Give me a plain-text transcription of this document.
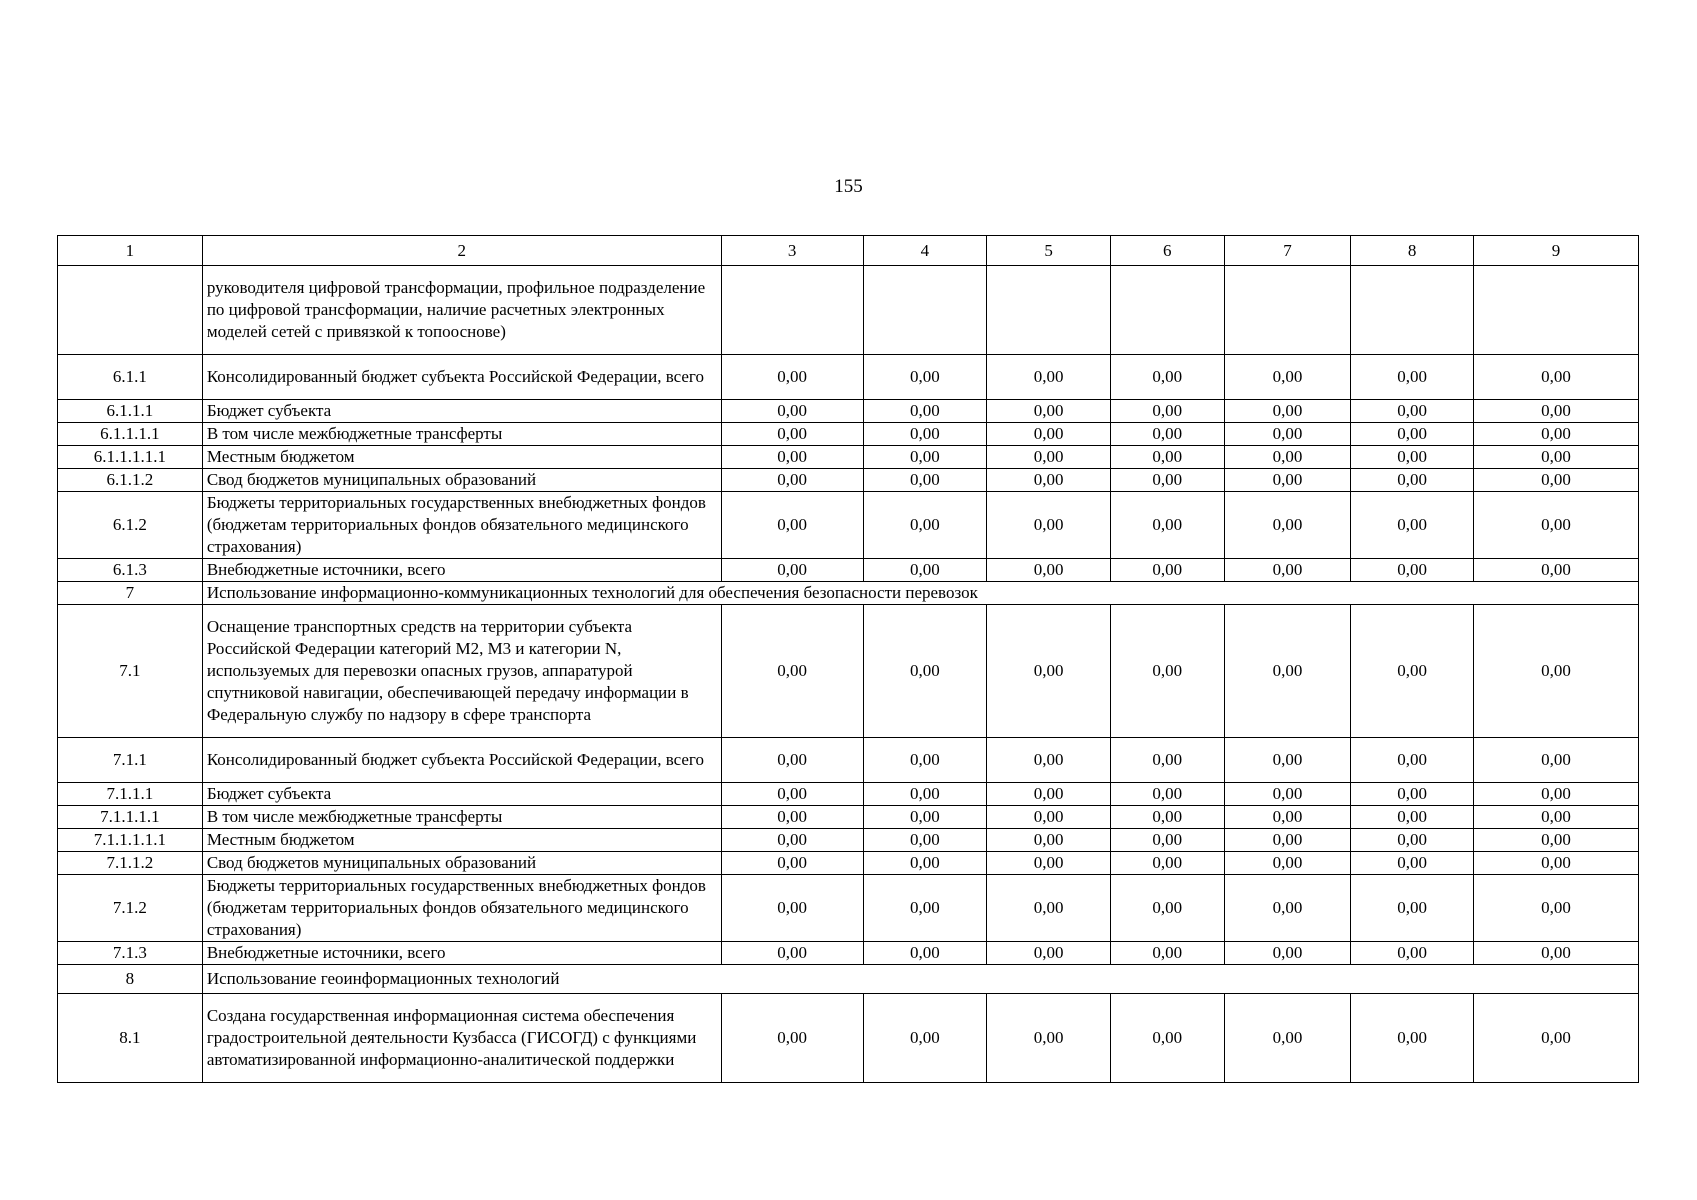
155
1	2	3	4	5	6	7	8	9
	руководителя цифровой трансформации, профильное подразделение по цифровой трансформации, наличие расчетных электронных моделей сетей с привязкой к топооснове)							
6.1.1	Консолидированный бюджет субъекта Российской Федерации, всего	0,00	0,00	0,00	0,00	0,00	0,00	0,00
6.1.1.1	Бюджет субъекта	0,00	0,00	0,00	0,00	0,00	0,00	0,00
6.1.1.1.1	В том числе межбюджетные трансферты	0,00	0,00	0,00	0,00	0,00	0,00	0,00
6.1.1.1.1.1	Местным бюджетом	0,00	0,00	0,00	0,00	0,00	0,00	0,00
6.1.1.2	Свод бюджетов муниципальных образований	0,00	0,00	0,00	0,00	0,00	0,00	0,00
6.1.2	Бюджеты территориальных государственных внебюджетных фондов (бюджетам территориальных фондов обязательного медицинского страхования)	0,00	0,00	0,00	0,00	0,00	0,00	0,00
6.1.3	Внебюджетные источники, всего	0,00	0,00	0,00	0,00	0,00	0,00	0,00
7	Использование информационно-коммуникационных технологий для обеспечения безопасности перевозок							
7.1	Оснащение транспортных средств на территории субъекта Российской Федерации категорий M2, M3 и категории N, используемых для перевозки опасных грузов, аппаратурой спутниковой навигации, обеспечивающей передачу информации в Федеральную службу по надзору в сфере транспорта	0,00	0,00	0,00	0,00	0,00	0,00	0,00
7.1.1	Консолидированный бюджет субъекта Российской Федерации, всего	0,00	0,00	0,00	0,00	0,00	0,00	0,00
7.1.1.1	Бюджет субъекта	0,00	0,00	0,00	0,00	0,00	0,00	0,00
7.1.1.1.1	В том числе межбюджетные трансферты	0,00	0,00	0,00	0,00	0,00	0,00	0,00
7.1.1.1.1.1	Местным бюджетом	0,00	0,00	0,00	0,00	0,00	0,00	0,00
7.1.1.2	Свод бюджетов муниципальных образований	0,00	0,00	0,00	0,00	0,00	0,00	0,00
7.1.2	Бюджеты территориальных государственных внебюджетных фондов (бюджетам территориальных фондов обязательного медицинского страхования)	0,00	0,00	0,00	0,00	0,00	0,00	0,00
7.1.3	Внебюджетные источники, всего	0,00	0,00	0,00	0,00	0,00	0,00	0,00
8	Использование геоинформационных технологий							
8.1	Создана государственная информационная система обеспечения градостроительной деятельности Кузбасса (ГИСОГД) с функциями автоматизированной информационно-аналитической поддержки	0,00	0,00	0,00	0,00	0,00	0,00	0,00
